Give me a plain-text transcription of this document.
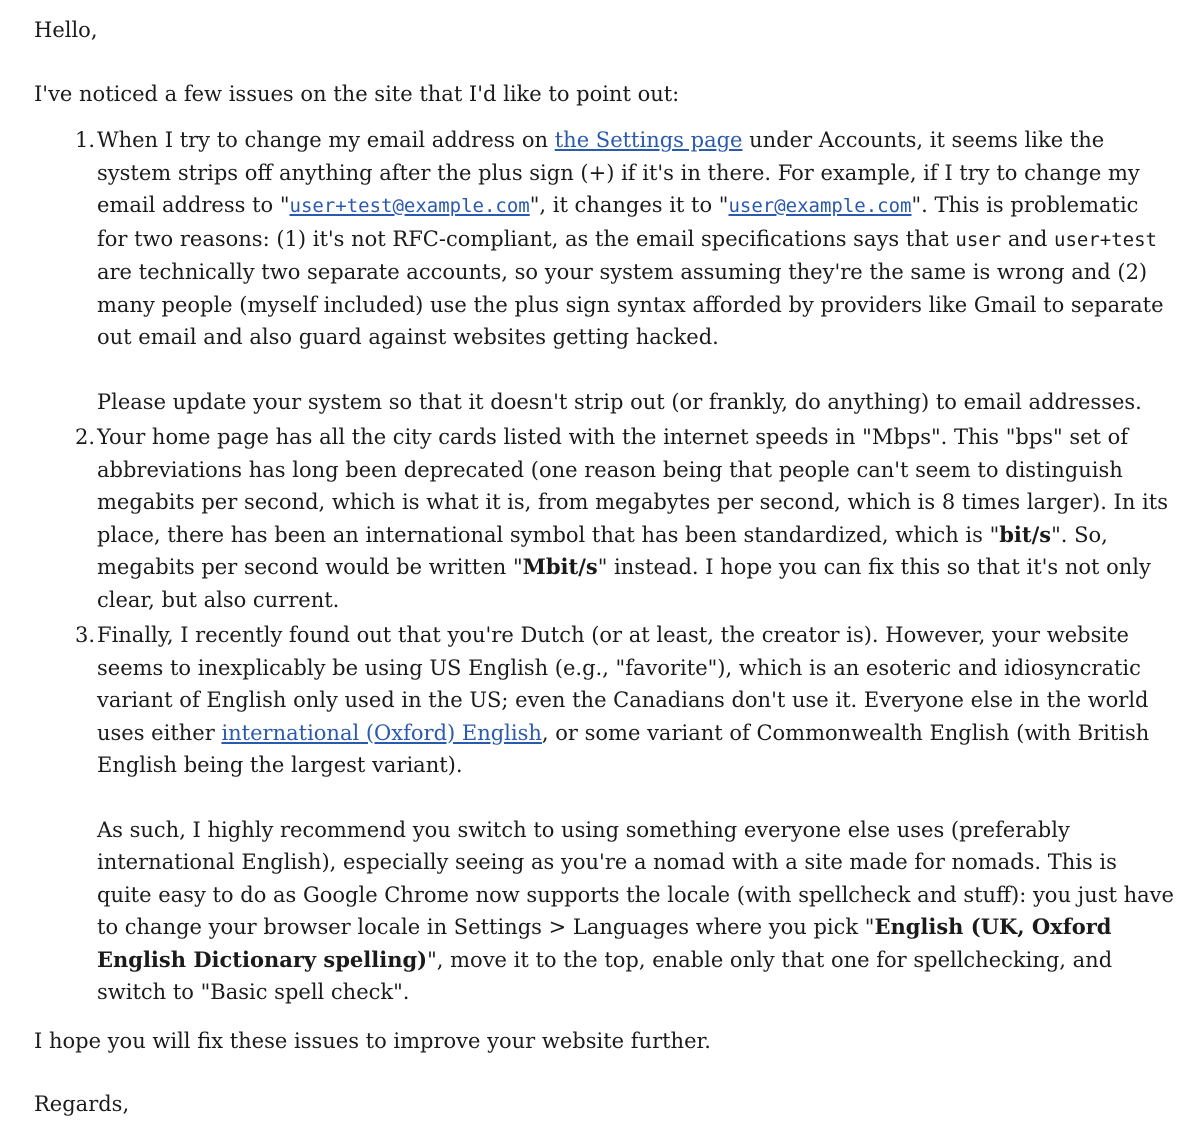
Hello,

I've noticed a few issues on the site that I'd like to point out:

1. When I try to change my email address on the Settings page under Accounts, it seems like the system strips off anything after the plus sign (+) if it's in there. For example, if I try to change my email address to "user+test@example.com", it changes it to "user@example.com". This is problematic for two reasons: (1) it's not RFC-compliant, as the email specifications says that user and user+test are technically two separate accounts, so your system assuming they're the same is wrong and (2) many people (myself included) use the plus sign syntax afforded by providers like Gmail to separate out email and also guard against websites getting hacked.

Please update your system so that it doesn't strip out (or frankly, do anything) to email addresses.

2. Your home page has all the city cards listed with the internet speeds in "Mbps". This "bps" set of abbreviations has long been deprecated (one reason being that people can't seem to distinguish megabits per second, which is what it is, from megabytes per second, which is 8 times larger). In its place, there has been an international symbol that has been standardized, which is "bit/s". So, megabits per second would be written "Mbit/s" instead. I hope you can fix this so that it's not only clear, but also current.

3. Finally, I recently found out that you're Dutch (or at least, the creator is). However, your website seems to inexplicably be using US English (e.g., "favorite"), which is an esoteric and idiosyncratic variant of English only used in the US; even the Canadians don't use it. Everyone else in the world uses either international (Oxford) English, or some variant of Commonwealth English (with British English being the largest variant).

As such, I highly recommend you switch to using something everyone else uses (preferably international English), especially seeing as you're a nomad with a site made for nomads. This is quite easy to do as Google Chrome now supports the locale (with spellcheck and stuff): you just have to change your browser locale in Settings > Languages where you pick "English (UK, Oxford English Dictionary spelling)", move it to the top, enable only that one for spellchecking, and switch to "Basic spell check".

I hope you will fix these issues to improve your website further.

Regards,
